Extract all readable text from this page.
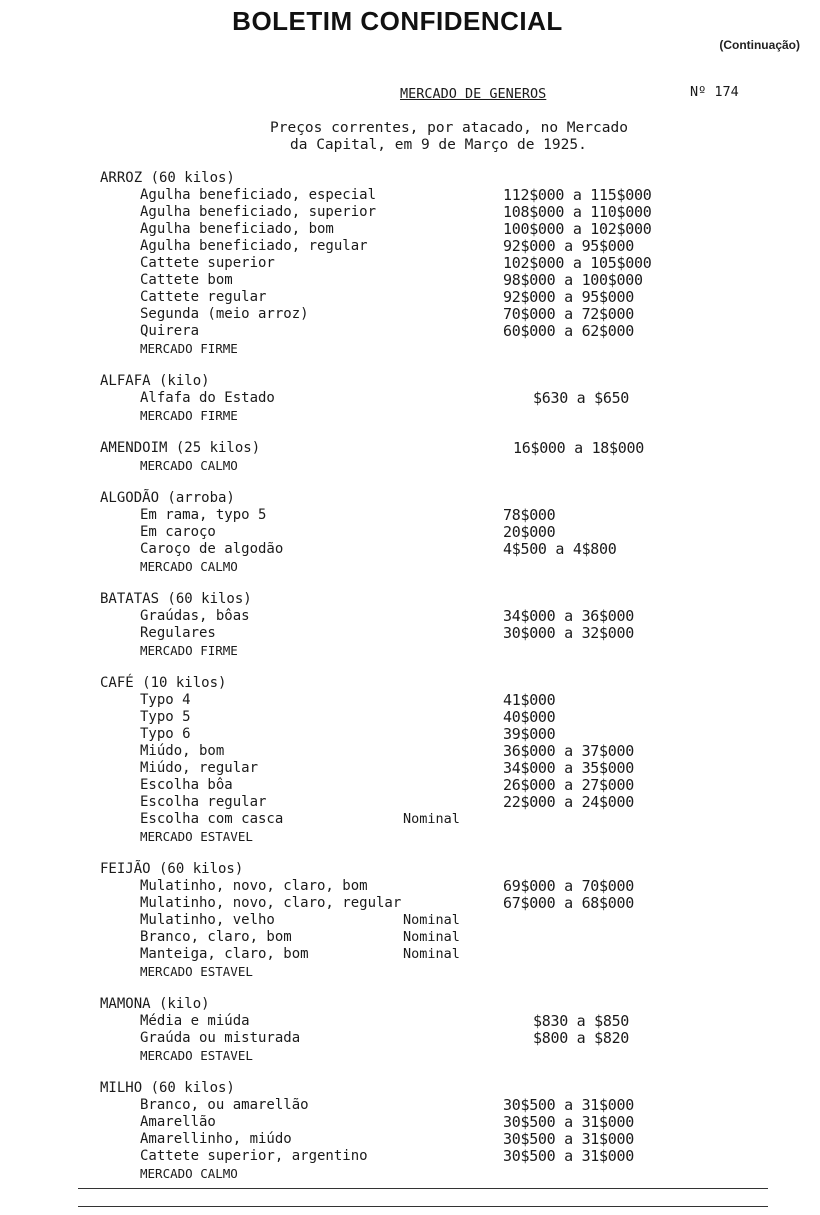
BOLETIM CONFIDENCIAL
(Continuação)
MERCADO DE GENEROS	Nº 174
Preços correntes, por atacado, no Mercado
da Capital, em 9 de Março de 1925.
ARROZ (60 kilos)
Agulha beneficiado, especial	112$000 a 115$000
Agulha beneficiado, superior	108$000 a 110$000
Agulha beneficiado, bom	100$000 a 102$000
Agulha beneficiado, regular	92$000 a 95$000
Cattete superior	102$000 a 105$000
Cattete bom	98$000 a 100$000
Cattete regular	92$000 a 95$000
Segunda (meio arroz)	70$000 a 72$000
Quirera	60$000 a 62$000
MERCADO FIRME
ALFAFA (kilo)
Alfafa do Estado	$630 a $650
MERCADO FIRME
AMENDOIM (25 kilos)	16$000 a 18$000
MERCADO CALMO
ALGODÃO (arroba)
Em rama, typo 5	78$000
Em caroço	20$000
Caroço de algodão	4$500 a 4$800
MERCADO CALMO
BATATAS (60 kilos)
Graúdas, bôas	34$000 a 36$000
Regulares	30$000 a 32$000
MERCADO FIRME
CAFÉ (10 kilos)
Typo 4	41$000
Typo 5	40$000
Typo 6	39$000
Miúdo, bom	36$000 a 37$000
Miúdo, regular	34$000 a 35$000
Escolha bôa	26$000 a 27$000
Escolha regular	22$000 a 24$000
Escolha com casca	Nominal
MERCADO ESTAVEL
FEIJÃO (60 kilos)
Mulatinho, novo, claro, bom	69$000 a 70$000
Mulatinho, novo, claro, regular	67$000 a 68$000
Mulatinho, velho	Nominal
Branco, claro, bom	Nominal
Manteiga, claro, bom	Nominal
MERCADO ESTAVEL
MAMONA (kilo)
Média e miúda	$830 a $850
Graúda ou misturada	$800 a $820
MERCADO ESTAVEL
MILHO (60 kilos)
Branco, ou amarellão	30$500 a 31$000
Amarellão	30$500 a 31$000
Amarellinho, miúdo	30$500 a 31$000
Cattete superior, argentino	30$500 a 31$000
MERCADO CALMO
